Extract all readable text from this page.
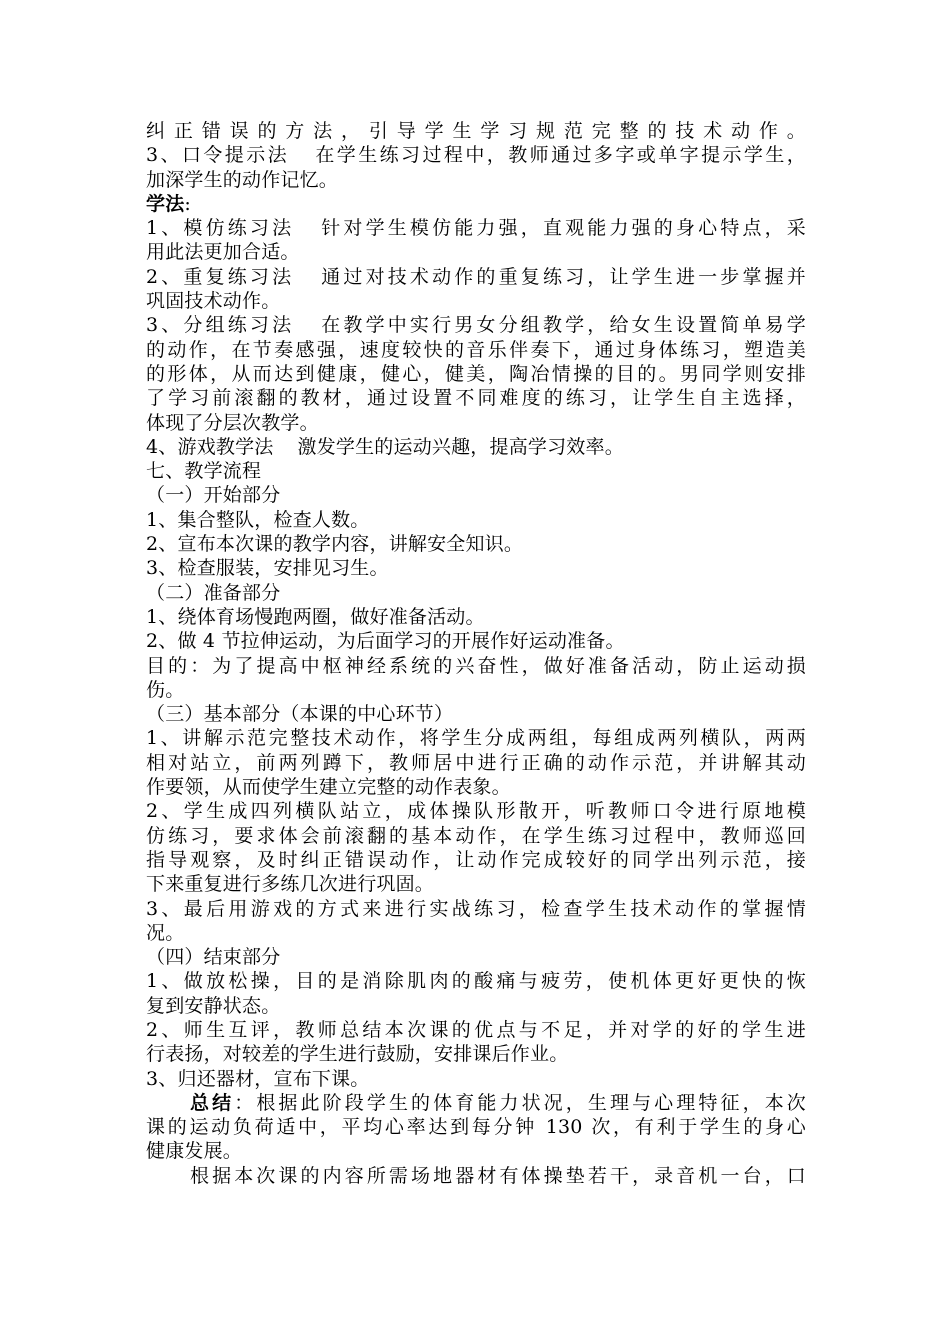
纠正错误的方法，引导学生学习规范完整的技术动作。
3、口令提示法 在学生练习过程中，教师通过多字或单字提示学生，
加深学生的动作记忆。
学法:
1、模仿练习法 针对学生模仿能力强，直观能力强的身心特点，采
用此法更加合适。
2、重复练习法 通过对技术动作的重复练习，让学生进一步掌握并
巩固技术动作。
3、分组练习法 在教学中实行男女分组教学，给女生设置简单易学
的动作，在节奏感强，速度较快的音乐伴奏下，通过身体练习，塑造美
的形体，从而达到健康，健心，健美，陶冶情操的目的。男同学则安排
了学习前滚翻的教材，通过设置不同难度的练习，让学生自主选择，
体现了分层次教学。
4、游戏教学法 激发学生的运动兴趣，提高学习效率。
七、教学流程
（一）开始部分
1、集合整队，检查人数。
2、宣布本次课的教学内容，讲解安全知识。
3、检查服装，安排见习生。
（二）准备部分
1、绕体育场慢跑两圈，做好准备活动。
2、做 4 节拉伸运动，为后面学习的开展作好运动准备。
目的：为了提高中枢神经系统的兴奋性，做好准备活动，防止运动损
伤。
（三）基本部分（本课的中心环节）
1、讲解示范完整技术动作，将学生分成两组，每组成两列横队，两两
相对站立，前两列蹲下，教师居中进行正确的动作示范，并讲解其动
作要领，从而使学生建立完整的动作表象。
2、学生成四列横队站立，成体操队形散开，听教师口令进行原地模
仿练习，要求体会前滚翻的基本动作，在学生练习过程中，教师巡回
指导观察，及时纠正错误动作，让动作完成较好的同学出列示范，接
下来重复进行多练几次进行巩固。
3、最后用游戏的方式来进行实战练习，检查学生技术动作的掌握情
况。
（四）结束部分
1、做放松操，目的是消除肌肉的酸痛与疲劳，使机体更好更快的恢
复到安静状态。
2、师生互评，教师总结本次课的优点与不足，并对学的好的学生进
行表扬，对较差的学生进行鼓励，安排课后作业。
3、归还器材，宣布下课。
总结：根据此阶段学生的体育能力状况，生理与心理特征，本次
课的运动负荷适中，平均心率达到每分钟 130 次，有利于学生的身心
健康发展。
根据本次课的内容所需场地器材有体操垫若干，录音机一台，口
